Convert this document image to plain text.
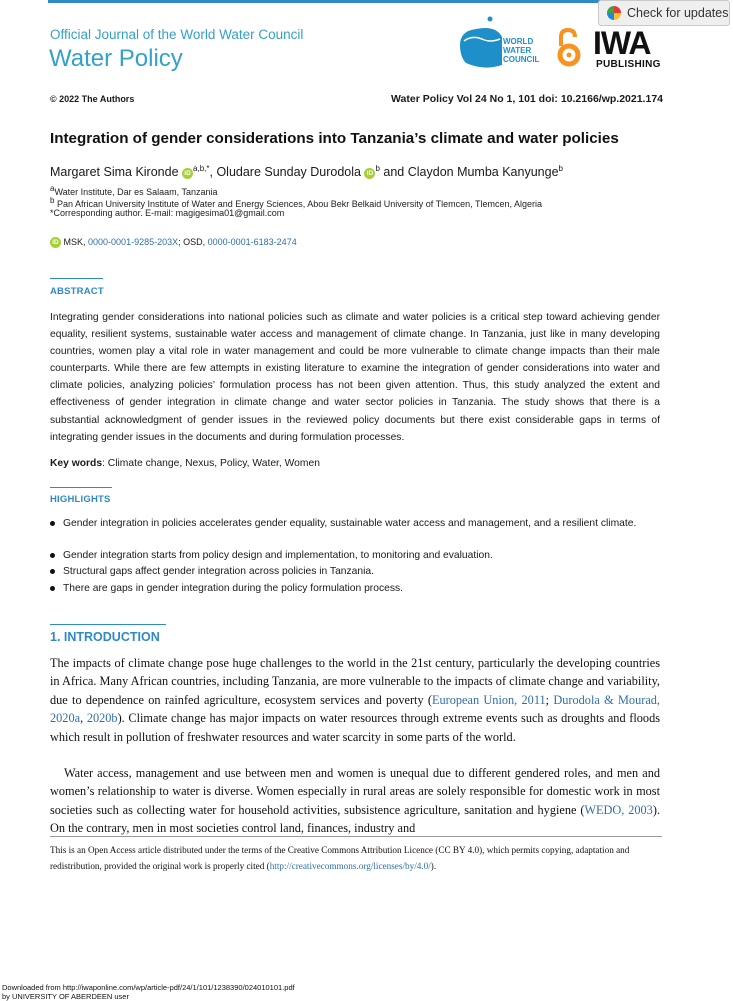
Check for updates
Official Journal of the World Water Council
Water Policy
WORLD
WATER
COUNCIL IWA
PUBLISHING
© 2022 The Authors	Water Policy Vol 24 No 1, 101 doi: 10.2166/wp.2021.174
Integration of gender considerations into Tanzania’s climate and water policies
Margaret Sima Kironde $iD^{a,b,*}$, Oludare Sunday Durodola $iD^b$ and Claydon Mumba Kanyunge$^b$
$^a$Water Institute, Dar es Salaam, Tanzania
$^b$ Pan African University Institute of Water and Energy Sciences, Abou Bekr Belkaid University of Tlemcen, Tlemcen, Algeria
*Corresponding author. E-mail: magigesima01@gmail.com
iD MSK, 0000-0001-9285-203X; OSD, 0000-0001-6183-2474
ABSTRACT
Integrating gender considerations into national policies such as climate and water policies is a critical step toward achieving gender equality, resilient systems, sustainable water access and management of climate change. In Tanzania, just like in many developing countries, women play a vital role in water management and could be more vulnerable to climate change impacts than their male counterparts. While there are few attempts in existing literature to examine the integration of gender considerations into water and climate policies, analyzing policies’ formulation process has not been given attention. Thus, this study analyzed the extent and effectiveness of gender integration in climate change and water sector policies in Tanzania. The study shows that there is a substantial acknowledgment of gender issues in the reviewed policy documents but there exist considerable gaps in terms of integrating gender issues in the documents and during formulation processes.
Key words: Climate change, Nexus, Policy, Water, Women
HIGHLIGHTS
Gender integration in policies accelerates gender equality, sustainable water access and management, and a resilient climate.
Gender integration starts from policy design and implementation, to monitoring and evaluation.
Structural gaps affect gender integration across policies in Tanzania.
There are gaps in gender integration during the policy formulation process.
1. INTRODUCTION
The impacts of climate change pose huge challenges to the world in the 21st century, particularly the developing countries in Africa. Many African countries, including Tanzania, are more vulnerable to the impacts of climate change and variability, due to dependence on rainfed agriculture, ecosystem services and poverty (European Union, 2011; Durodola & Mourad, 2020a, 2020b). Climate change has major impacts on water resources through extreme events such as droughts and floods which result in pollution of freshwater resources and water scarcity in some parts of the world.
Water access, management and use between men and women is unequal due to different gendered roles, and men and women’s relationship to water is diverse. Women especially in rural areas are solely responsible for domestic work in most societies such as collecting water for household activities, subsistence agriculture, sanitation and hygiene (WEDO, 2003). On the contrary, men in most societies control land, finances, industry and
This is an Open Access article distributed under the terms of the Creative Commons Attribution Licence (CC BY 4.0), which permits copying, adaptation and redistribution, provided the original work is properly cited (http://creativecommons.org/licenses/by/4.0/).
Downloaded from http://iwaponline.com/wp/article-pdf/24/1/101/1238390/024010101.pdf
by UNIVERSITY OF ABERDEEN user
